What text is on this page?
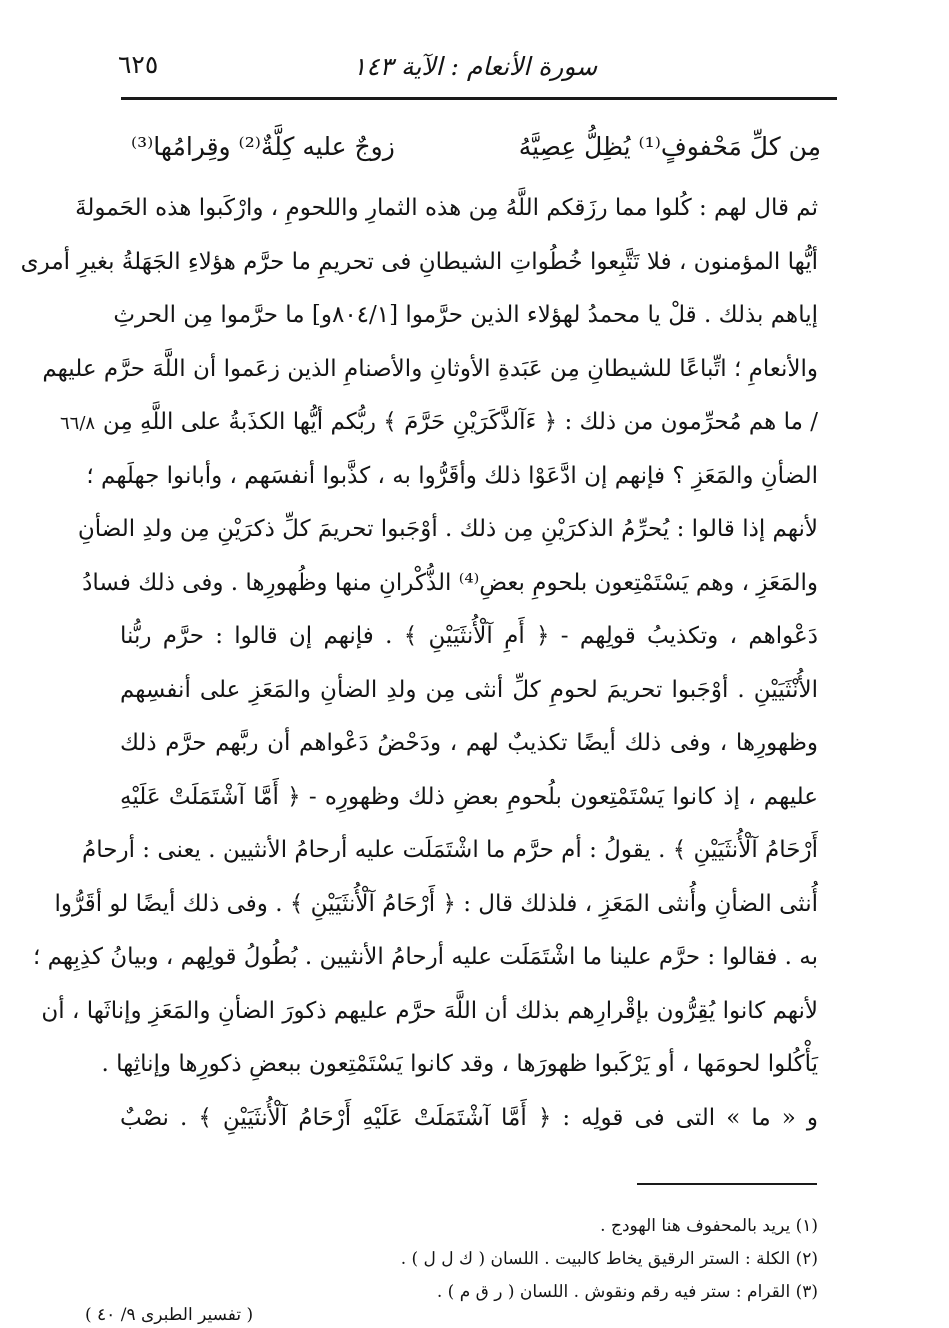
سورة الأنعام : الآية ١٤٣
٦٢٥
مِن كلِّ مَحْفوفٍ⁽¹⁾ يُظِلُّ عِصِيَّهُ
زوجٌ عليه كِلَّةٌ⁽²⁾ وقِرامُها⁽³⁾
ثم قال لهم : كُلوا مما رزَقكم اللَّهُ مِن هذه الثمارِ واللحومِ ، وارْكَبوا هذه الحَمولةَ
أيُّها المؤمنون ، فلا تَتَّبِعوا خُطُواتِ الشيطانِ فى تحريمِ ما حرَّم هؤلاءِ الجَهَلةُ بغيرِ أمرى
إياهم بذلك . قلْ يا محمدُ لهؤلاء الذين حرَّموا [٨٠٤/١و] ما حرَّموا مِن الحرثِ
والأنعامِ ؛ اتِّباعًا للشيطانِ مِن عَبَدةِ الأوثانِ والأصنامِ الذين زعَموا أن اللَّهَ حرَّم عليهم
/ ما هم مُحرِّمون من ذلك : ﴿ ءَآلذَّكَرَيْنِ حَرَّمَ ﴾ ربُّكم أيُّها الكذَبةُ على اللَّهِ مِن
الضأنِ والمَعَزِ ؟ فإنهم إن ادَّعَوْا ذلك وأقَرُّوا به ، كذَّبوا أنفسَهم ، وأبانوا جهلَهم ؛
لأنهم إذا قالوا : يُحرِّمُ الذكرَيْنِ مِن ذلك . أوْجَبوا تحريمَ كلِّ ذكرَيْنِ مِن ولدِ الضأنِ
والمَعَزِ ، وهم يَسْتَمْتِعون بلحومِ بعضِ⁽⁴⁾ الذُّكْرانِ منها وظُهورِها . وفى ذلك فسادُ
دَعْواهم ، وتكذيبُ قولِهم - ﴿ أَمِ آلْأُنثَيَيْنِ ﴾ . فإنهم إن قالوا : حرَّم ربُّنا
الأُنْثَيَيْنِ . أوْجَبوا تحريمَ لحومِ كلِّ أنثى مِن ولدِ الضأنِ والمَعَزِ على أنفسِهم
وظهورِها ، وفى ذلك أيضًا تكذيبٌ لهم ، ودَحْضُ دَعْواهم أن ربَّهم حرَّم ذلك
عليهم ، إذ كانوا يَسْتَمْتِعون بلُحومِ بعضِ ذلك وظهورِه - ﴿ أَمَّا آشْتَمَلَتْ عَلَيْهِ
أَرْحَامُ آلْأُنثَيَيْنِ ﴾ . يقولُ : أم حرَّم ما اشْتَمَلَت عليه أرحامُ الأنثيين . يعنى : أرحامُ
أُنثى الضأنِ وأُنثى المَعَزِ ، فلذلك قال : ﴿ أَرْحَامُ آلْأُنثَيَيْنِ ﴾ . وفى ذلك أيضًا لو أقَرُّوا
به . فقالوا : حرَّم علينا ما اشْتَمَلَت عليه أرحامُ الأنثيين . بُطُولُ قولِهم ، وبيانُ كذِبِهم ؛
لأنهم كانوا يُقِرُّون بإقْرارِهم بذلك أن اللَّهَ حرَّم عليهم ذكورَ الضأنِ والمَعَزِ وإناثَها ، أن
يَأْكُلوا لحومَها ، أو يَرْكَبوا ظهورَها ، وقد كانوا يَسْتَمْتِعون ببعضِ ذكورِها وإناثِها .
و « ما » التى فى قولِه : ﴿ أَمَّا آشْتَمَلَتْ عَلَيْهِ أَرْحَامُ آلْأُنثَيَيْنِ ﴾ . نصْبٌ
٦٦/٨
(١) يريد بالمحفوف هنا الهودج .
(٢) الكلة : الستر الرقيق يخاط كالبيت . اللسان ( ك ل ل ) .
(٣) القرام : ستر فيه رقم ونقوش . اللسان ( ر ق م ) .
( تفسير الطبرى ٩/ ٤٠ )
